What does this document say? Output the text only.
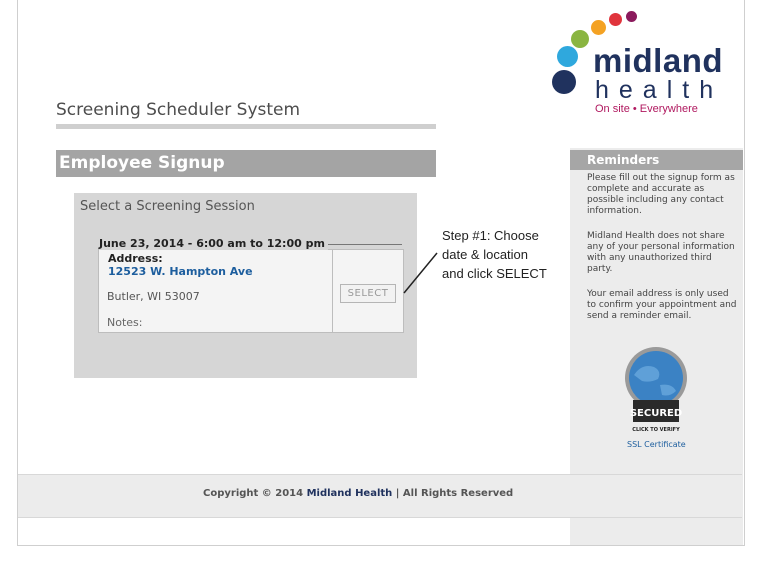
midland
health
On site • Everywhere
Screening Scheduler System
Employee Signup
Select a Screening Session
June 23, 2014 - 6:00 am to 12:00 pm
Address:
12523 W. Hampton Ave
Butler, WI 53007
Notes:
SELECT
Step #1: Choose date & location and click SELECT
Reminders
Please fill out the signup form as complete and accurate as possible including any contact information.
Midland Health does not share any of your personal information with any unauthorized third party.
Your email address is only used to confirm your appointment and send a reminder email.
SECURED
CLICK TO VERIFY
SSL Certificate
Copyright © 2014 Midland Health | All Rights Reserved
